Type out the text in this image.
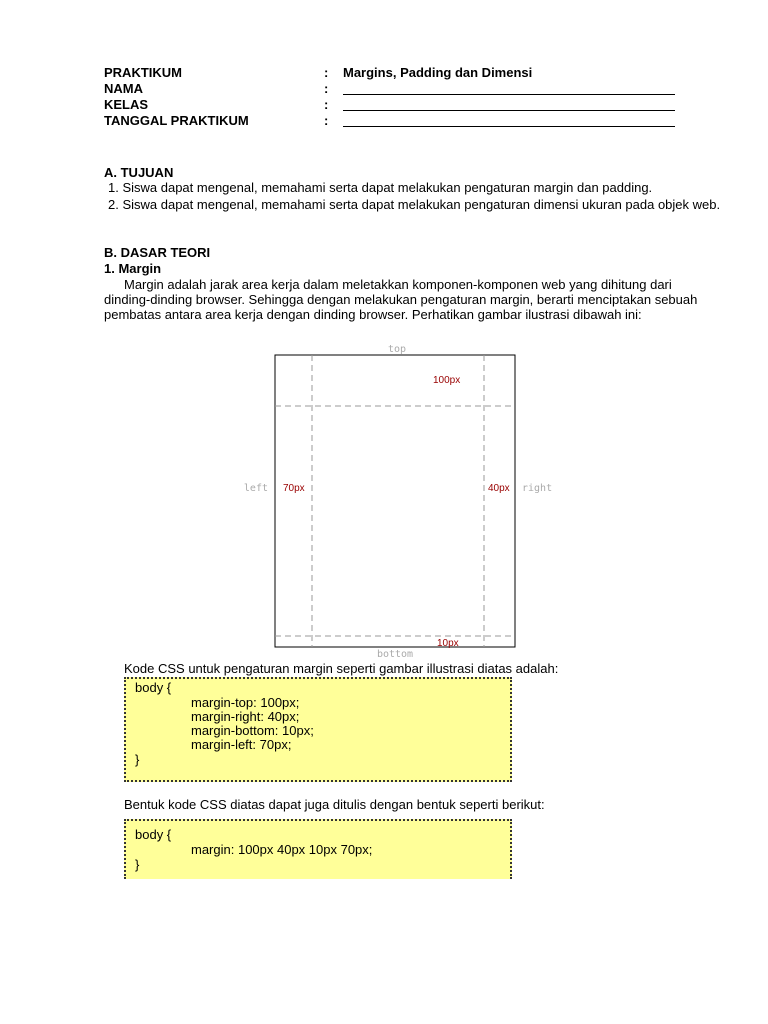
PRAKTIKUM	: Margins, Padding dan Dimensi
NAMA	:
KELAS	:
TANGGAL PRAKTIKUM	:
A. TUJUAN
1. Siswa dapat mengenal, memahami serta dapat melakukan pengaturan margin dan padding.
2. Siswa dapat mengenal, memahami serta dapat melakukan pengaturan dimensi ukuran pada objek web.
B. DASAR TEORI
1. Margin
Margin adalah jarak area kerja dalam meletakkan komponen-komponen web yang dihitung dari
dinding-dinding browser. Sehingga dengan melakukan pengaturan margin, berarti menciptakan sebuah
pembatas antara area kerja dengan dinding browser. Perhatikan gambar ilustrasi dibawah ini:
top
bottom
left	right
100px
70px	40px
10px
Kode CSS untuk pengaturan margin seperti gambar illustrasi diatas adalah:
body {
margin-top: 100px;
margin-right: 40px;
margin-bottom: 10px;
margin-left: 70px;
}
Bentuk kode CSS diatas dapat juga ditulis dengan bentuk seperti berikut:
body {
margin: 100px 40px 10px 70px;
}
